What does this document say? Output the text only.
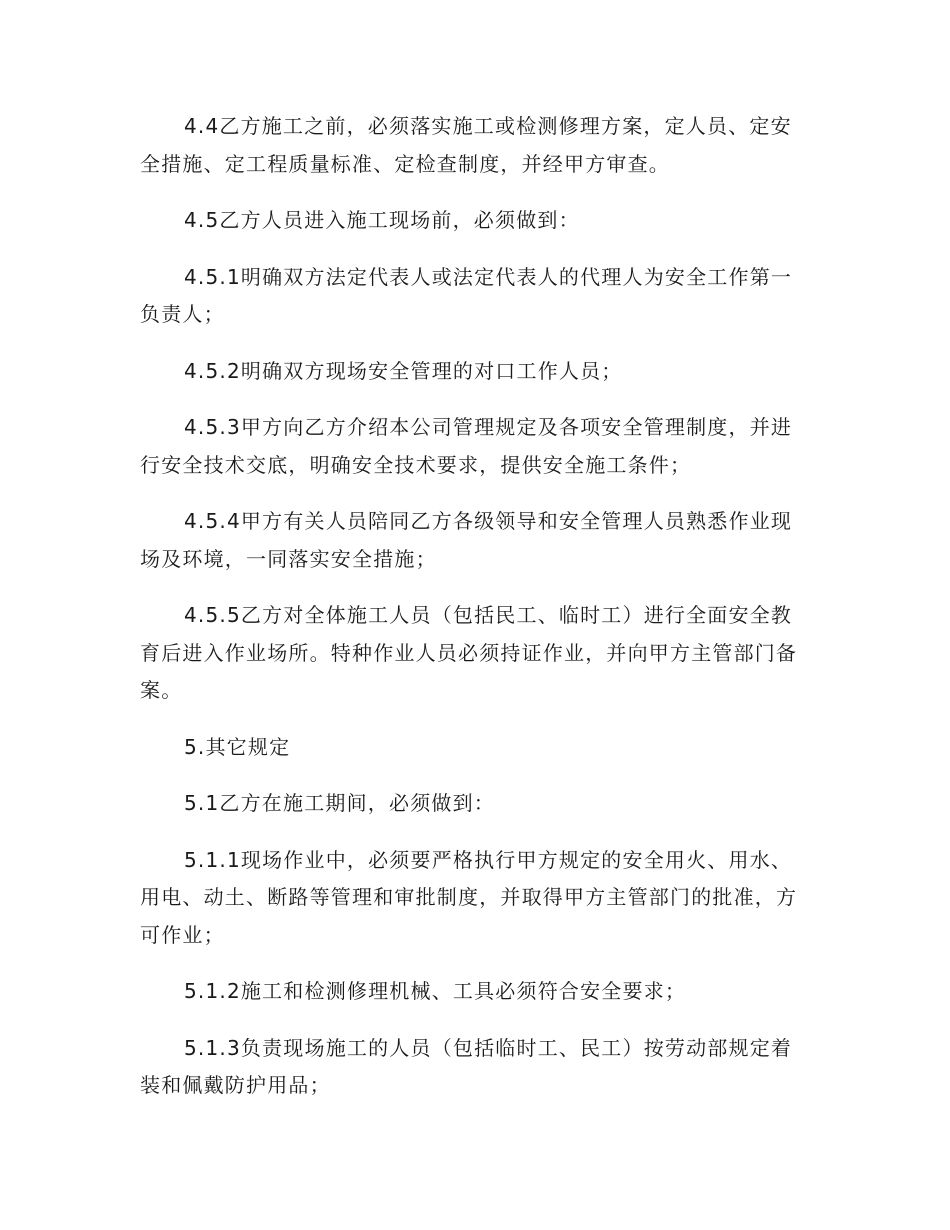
4.4乙方施工之前，必须落实施工或检测修理方案，定人员、定安全措施、定工程质量标准、定检查制度，并经甲方审查。

4.5乙方人员进入施工现场前，必须做到：

4.5.1明确双方法定代表人或法定代表人的代理人为安全工作第一负责人；

4.5.2明确双方现场安全管理的对口工作人员；

4.5.3甲方向乙方介绍本公司管理规定及各项安全管理制度，并进行安全技术交底，明确安全技术要求，提供安全施工条件；

4.5.4甲方有关人员陪同乙方各级领导和安全管理人员熟悉作业现场及环境，一同落实安全措施；

4.5.5乙方对全体施工人员（包括民工、临时工）进行全面安全教育后进入作业场所。特种作业人员必须持证作业，并向甲方主管部门备案。

5.其它规定

5.1乙方在施工期间，必须做到：

5.1.1现场作业中，必须要严格执行甲方规定的安全用火、用水、用电、动土、断路等管理和审批制度，并取得甲方主管部门的批准，方可作业；

5.1.2施工和检测修理机械、工具必须符合安全要求；

5.1.3负责现场施工的人员（包括临时工、民工）按劳动部规定着装和佩戴防护用品；
